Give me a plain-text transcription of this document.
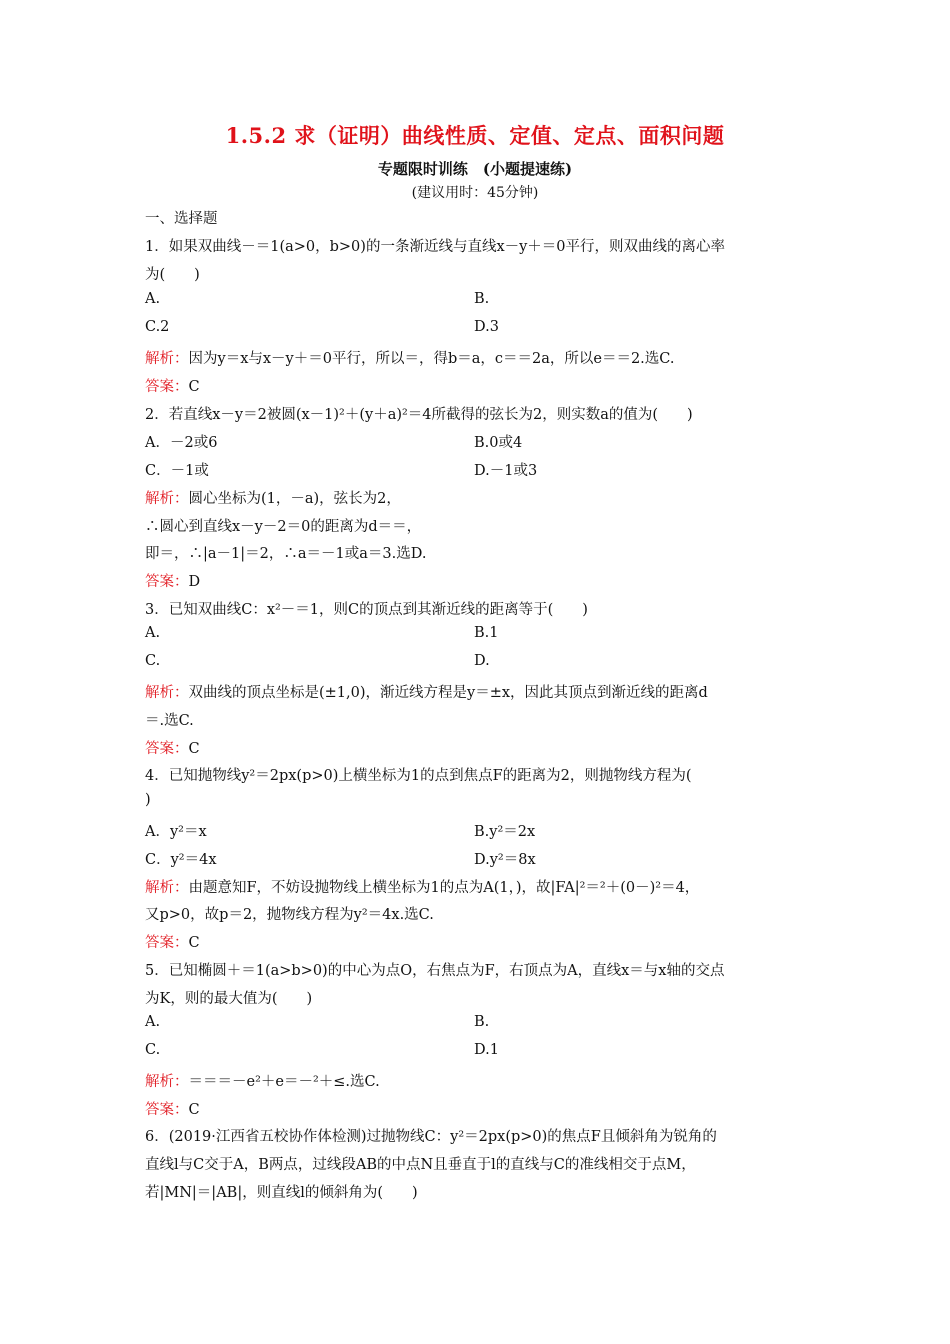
1.5.2 求（证明）曲线性质、定值、定点、面积问题
专题限时训练　(小题提速练)
(建议用时：45分钟)
一、选择题
1．如果双曲线－＝1(a>0，b>0)的一条渐近线与直线x－y＋＝0平行，则双曲线的离心率
为(　　)
A.	B.
C.2	D.3
解析：因为y＝x与x－y＋＝0平行，所以＝，得b＝a，c＝＝2a，所以e＝＝2.选C.
答案：C
2．若直线x－y＝2被圆(x－1)²＋(y＋a)²＝4所截得的弦长为2，则实数a的值为(　　)
A．－2或6	B.0或4
C．－1或	D.－1或3
解析：圆心坐标为(1，－a)，弦长为2，
∴圆心到直线x－y－2＝0的距离为d＝＝，
即＝，∴|a－1|＝2，∴a＝－1或a＝3.选D.
答案：D
3．已知双曲线C：x²－＝1，则C的顶点到其渐近线的距离等于(　　)
A.	B.1
C.	D.
解析：双曲线的顶点坐标是(±1,0)，渐近线方程是y＝±x，因此其顶点到渐近线的距离d
＝.选C.
答案：C
4．已知抛物线y²＝2px(p>0)上横坐标为1的点到焦点F的距离为2，则抛物线方程为(
)
A．y²＝x	B.y²＝2x
C．y²＝4x	D.y²＝8x
解析：由题意知F，不妨设抛物线上横坐标为1的点为A(1，)，故|FA|²＝²＋(0－)²＝4，
又p>0，故p＝2，抛物线方程为y²＝4x.选C.
答案：C
5．已知椭圆＋＝1(a>b>0)的中心为点O，右焦点为F，右顶点为A，直线x＝与x轴的交点
为K，则的最大值为(　　)
A.	B.
C.	D.1
解析：＝＝＝－e²＋e＝－²＋≤.选C.
答案：C
6．(2019·江西省五校协作体检测)过抛物线C：y²＝2px(p>0)的焦点F且倾斜角为锐角的
直线l与C交于A，B两点，过线段AB的中点N且垂直于l的直线与C的准线相交于点M，
若|MN|＝|AB|，则直线l的倾斜角为(　　)
